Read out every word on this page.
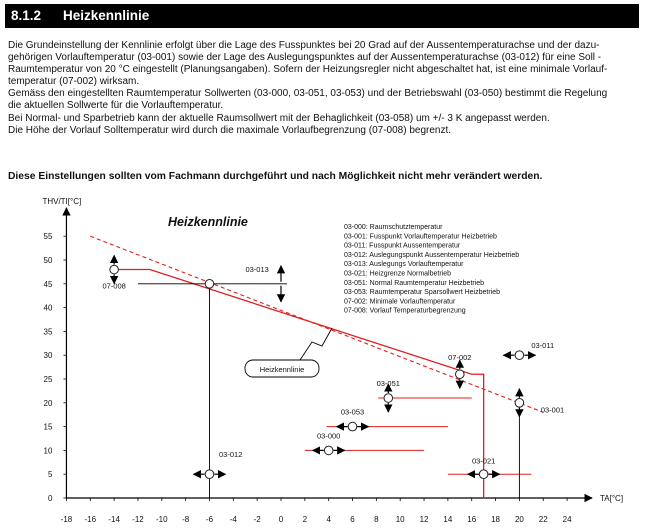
8.1.2 Heizkennlinie

Die Grundeinstellung der Kennlinie erfolgt über die Lage des Fusspunktes bei 20 Grad auf der Aussentemperaturachse und der dazu-

gehörigen Vorlauftemperatur (03-001) sowie der Lage des Auslegungspunktes auf der Aussentemperaturachse (03-012) für eine Soll -

Raumtemperatur von 20 °C eingestellt (Planungsangaben). Sofern der Heizungsregler nicht abgeschaltet hat, ist eine minimale Vorlauf-

temperatur (07-002) wirksam.

Gemäss den eingestellten Raumtemperatur Sollwerten (03-000, 03-051, 03-053) und der Betriebswahl (03-050) bestimmt die Regelung

die aktuellen Sollwerte für die Vorlauftemperatur.

Bei Normal- und Sparbetrieb kann der aktuelle Raumsollwert mit der Behaglichkeit (03-058) um +/- 3 K angepasst werden.

Die Höhe der Vorlauf Solltemperatur wird durch die maximale Vorlaufbegrenzung (07-008) begrenzt.

Diese Einstellungen sollten vom Fachmann durchgeführt und nach Möglichkeit nicht mehr verändert werden.
THV/TI[°C]
TA[°C]
-18 -16 -14 -12 -10 -8 -6 -4 -2 0 2 4 6 8 10 12 14 16 18 20 22 24
0
5
10
15
20
25
30
35
40
45
50
55
Heizkennlinie
Heizkennlinie
07-008
03-013
03-012
07-002
03-011
03-001
03-051
03-053
03-000
03-021
03-000: Raumschutztemperatur
03-001: Fusspunkt Vorlauftemperatur Heizbetrieb
03-011: Fusspunkt Aussentemperatur
03-012: Auslegungspunkt Aussentemperatur Heizbetrieb
03-013: Auslegungs Vorlauftemperatur
03-021: Heizgrenze Normalbetrieb
03-051: Normal Raumtemperatur Heizbetrieb
03-053: Raumtemperatur Sparsollwert Heizbetrieb
07-002: Minimale Vorlauftemperatur
07-008: Vorlauf Temperaturbegrenzung
